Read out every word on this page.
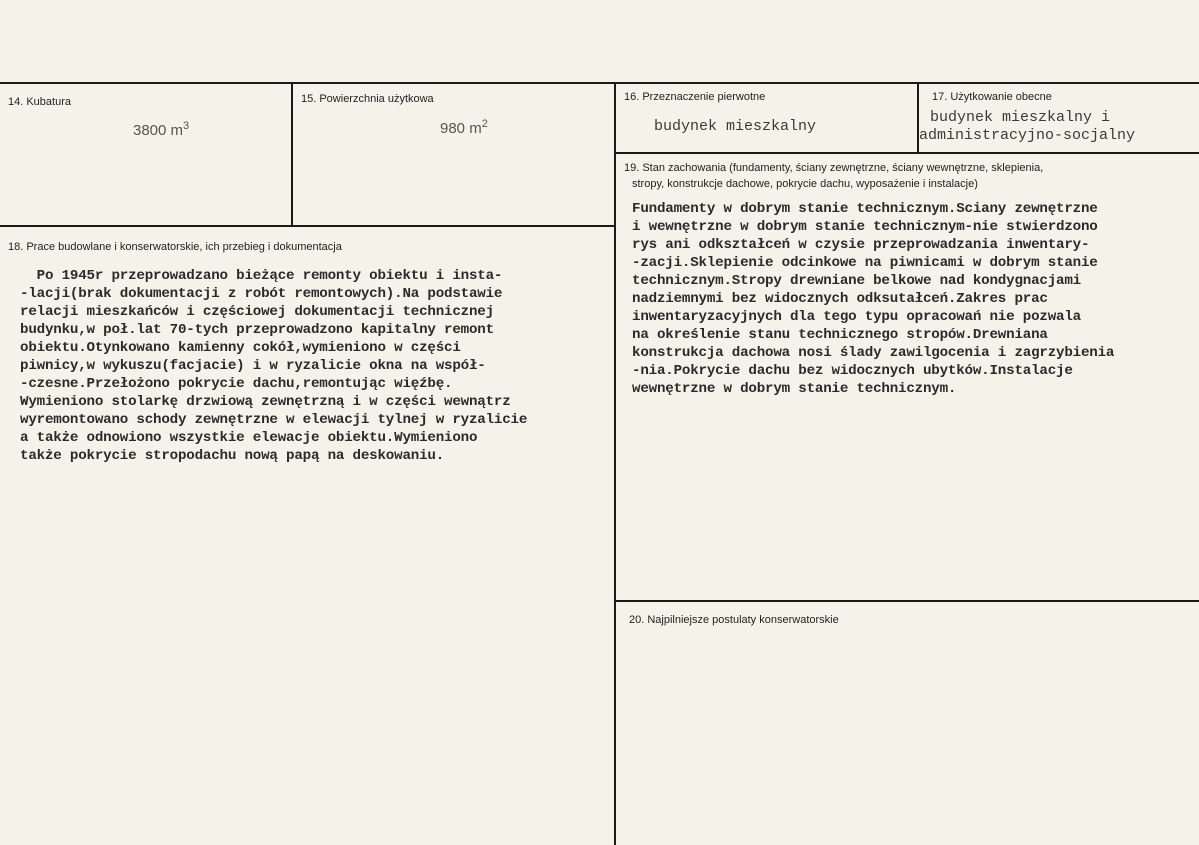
14. Kubatura
3800 $m^3$
15. Powierzchnia użytkowa
980 $m^2$
16. Przeznaczenie pierwotne
budynek mieszkalny
17. Użytkowanie obecne
budynek mieszkalny i
administracyjno-socjalny
19. Stan zachowania (fundamenty, ściany zewnętrzne, ściany wewnętrzne, sklepienia,
stropy, konstrukcje dachowe, pokrycie dachu, wyposażenie i instalacje)
Fundamenty w dobrym stanie technicznym.Sciany zewnętrzne
i wewnętrzne w dobrym stanie technicznym-nie stwierdzono
rys ani odkształceń w czysie przeprowadzania inwentary-
-zacji.Sklepienie odcinkowe na piwnicami w dobrym stanie
technicznym.Stropy drewniane belkowe nad kondygnacjami
nadziemnymi bez widocznych odksutałceń.Zakres prac
inwentaryzacyjnych dla tego typu opracowań nie pozwala
na określenie stanu technicznego stropów.Drewniana
konstrukcja dachowa nosi ślady zawilgocenia i zagrzybienia
-nia.Pokrycie dachu bez widocznych ubytków.Instalacje
wewnętrzne w dobrym stanie technicznym.
18. Prace budowlane i konserwatorskie, ich przebieg i dokumentacja
Po 1945r przeprowadzano bieżące remonty obiektu i insta-
-lacji(brak dokumentacji z robót remontowych).Na podstawie
relacji mieszkańców i częściowej dokumentacji technicznej
budynku,w poł.lat 70-tych przeprowadzono kapitalny remont
obiektu.Otynkowano kamienny cokół,wymieniono w części
piwnicy,w wykuszu(facjacie) i w ryzalicie okna na współ-
-czesne.Przełożono pokrycie dachu,remontując więźbę.
Wymieniono stolarkę drzwiową zewnętrzną i w części wewnątrz
wyremontowano schody zewnętrzne w elewacji tylnej w ryzalicie
a także odnowiono wszystkie elewacje obiektu.Wymieniono
także pokrycie stropodachu nową papą na deskowaniu.
20. Najpilniejsze postulaty konserwatorskie
